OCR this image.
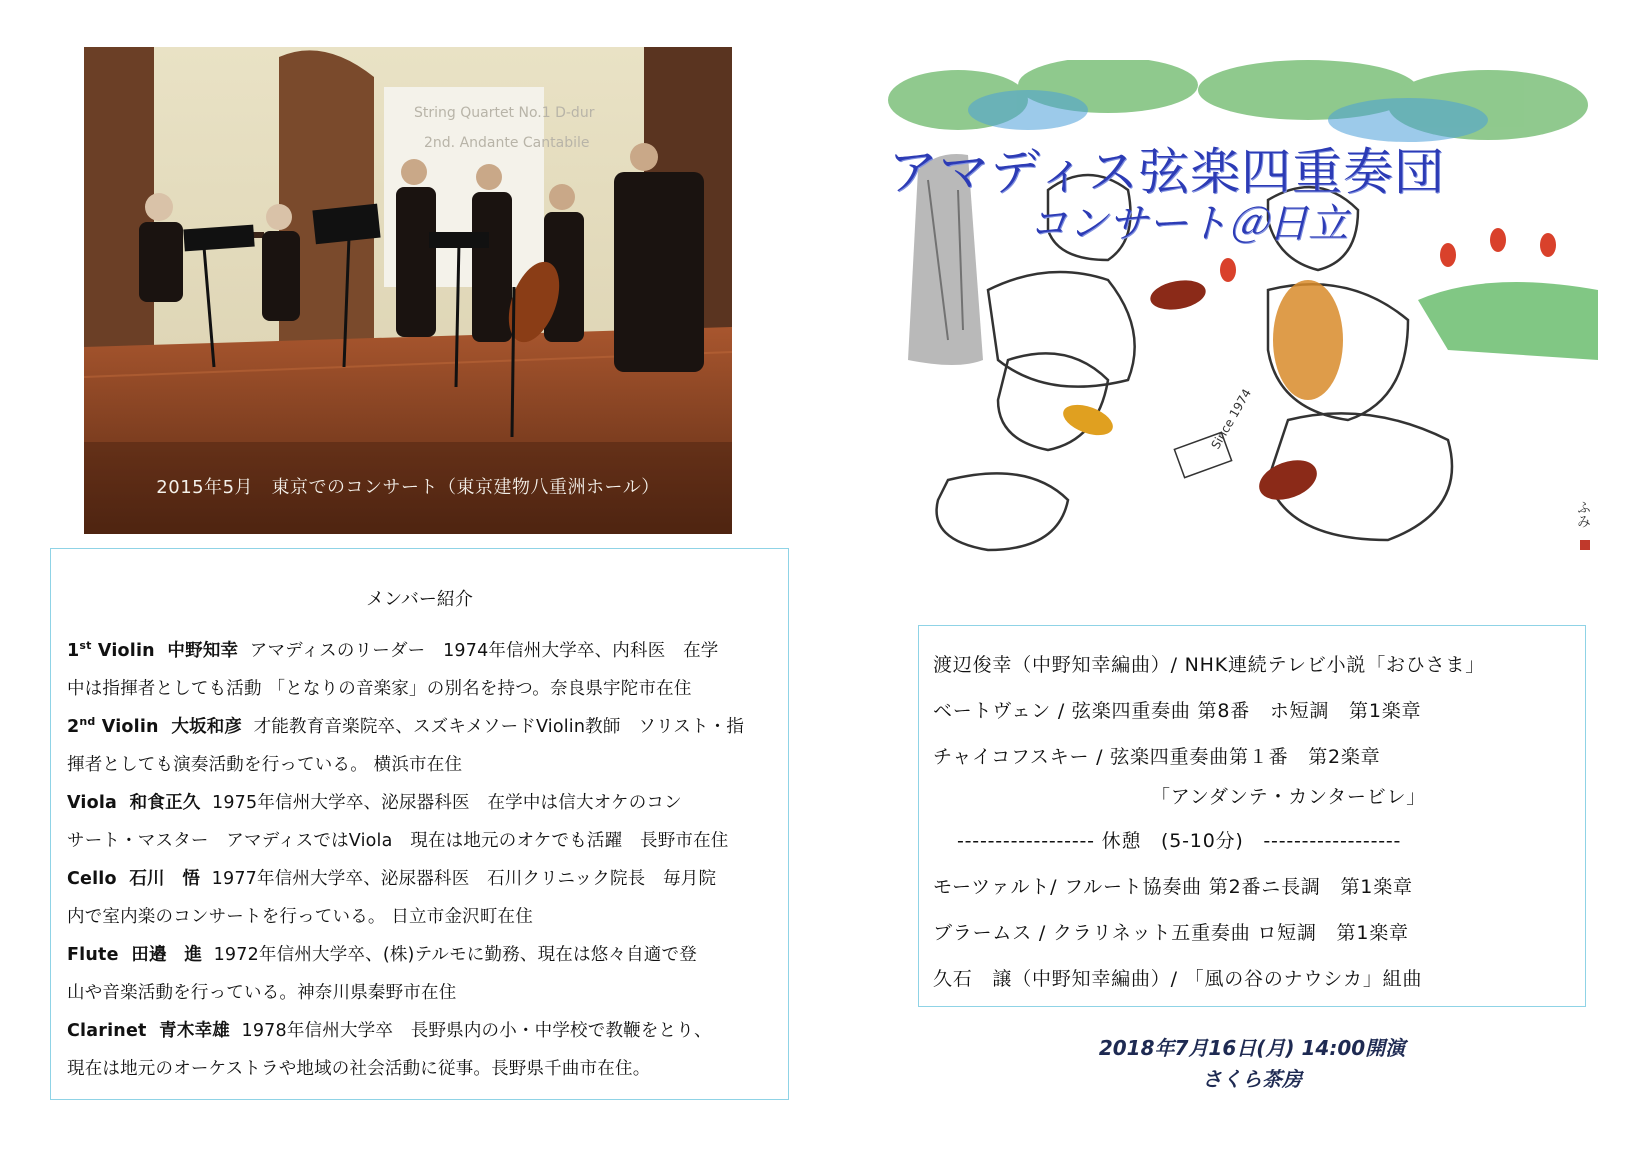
String Quartet No.1 D-dur
2nd. Andante Cantabile
2015年5月　東京でのコンサート（東京建物八重洲ホール）
メンバー紹介
1st Violin 中野知幸 アマディスのリーダー　1974年信州大学卒、内科医　在学
中は指揮者としても活動 「となりの音楽家」の別名を持つ。奈良県宇陀市在住
2nd Violin 大坂和彦 才能教育音楽院卒、スズキメソードViolin教師　ソリスト・指
揮者としても演奏活動を行っている。 横浜市在住
Viola 和食正久 1975年信州大学卒、泌尿器科医　在学中は信大オケのコン
サート・マスター　アマディスではViola　現在は地元のオケでも活躍　長野市在住
Cello 石川　悟 1977年信州大学卒、泌尿器科医　石川クリニック院長　毎月院
内で室内楽のコンサートを行っている。 日立市金沢町在住
Flute 田邉　進 1972年信州大学卒、(株)テルモに勤務、現在は悠々自適で登
山や音楽活動を行っている。神奈川県秦野市在住
Clarinet 青木幸雄 1978年信州大学卒　長野県内の小・中学校で教鞭をとり、
現在は地元のオーケストラや地域の社会活動に従事。長野県千曲市在住。
Since 1974
ふみ
アマディス弦楽四重奏団
コンサート＠日立
渡辺俊幸（中野知幸編曲）/ NHK連続テレビ小説「おひさま」
ベートヴェン / 弦楽四重奏曲 第8番　ホ短調　第1楽章
チャイコフスキー / 弦楽四重奏曲第１番　第2楽章
「アンダンテ・カンタービレ」
------------------ 休憩　(5-10分)　------------------
モーツァルト/ フルート協奏曲 第2番ニ長調　第1楽章
ブラームス / クラリネット五重奏曲 ロ短調　第1楽章
久石　譲（中野知幸編曲）/ 「風の谷のナウシカ」組曲
2018年7月16日(月) 14:00開演
さくら茶房
